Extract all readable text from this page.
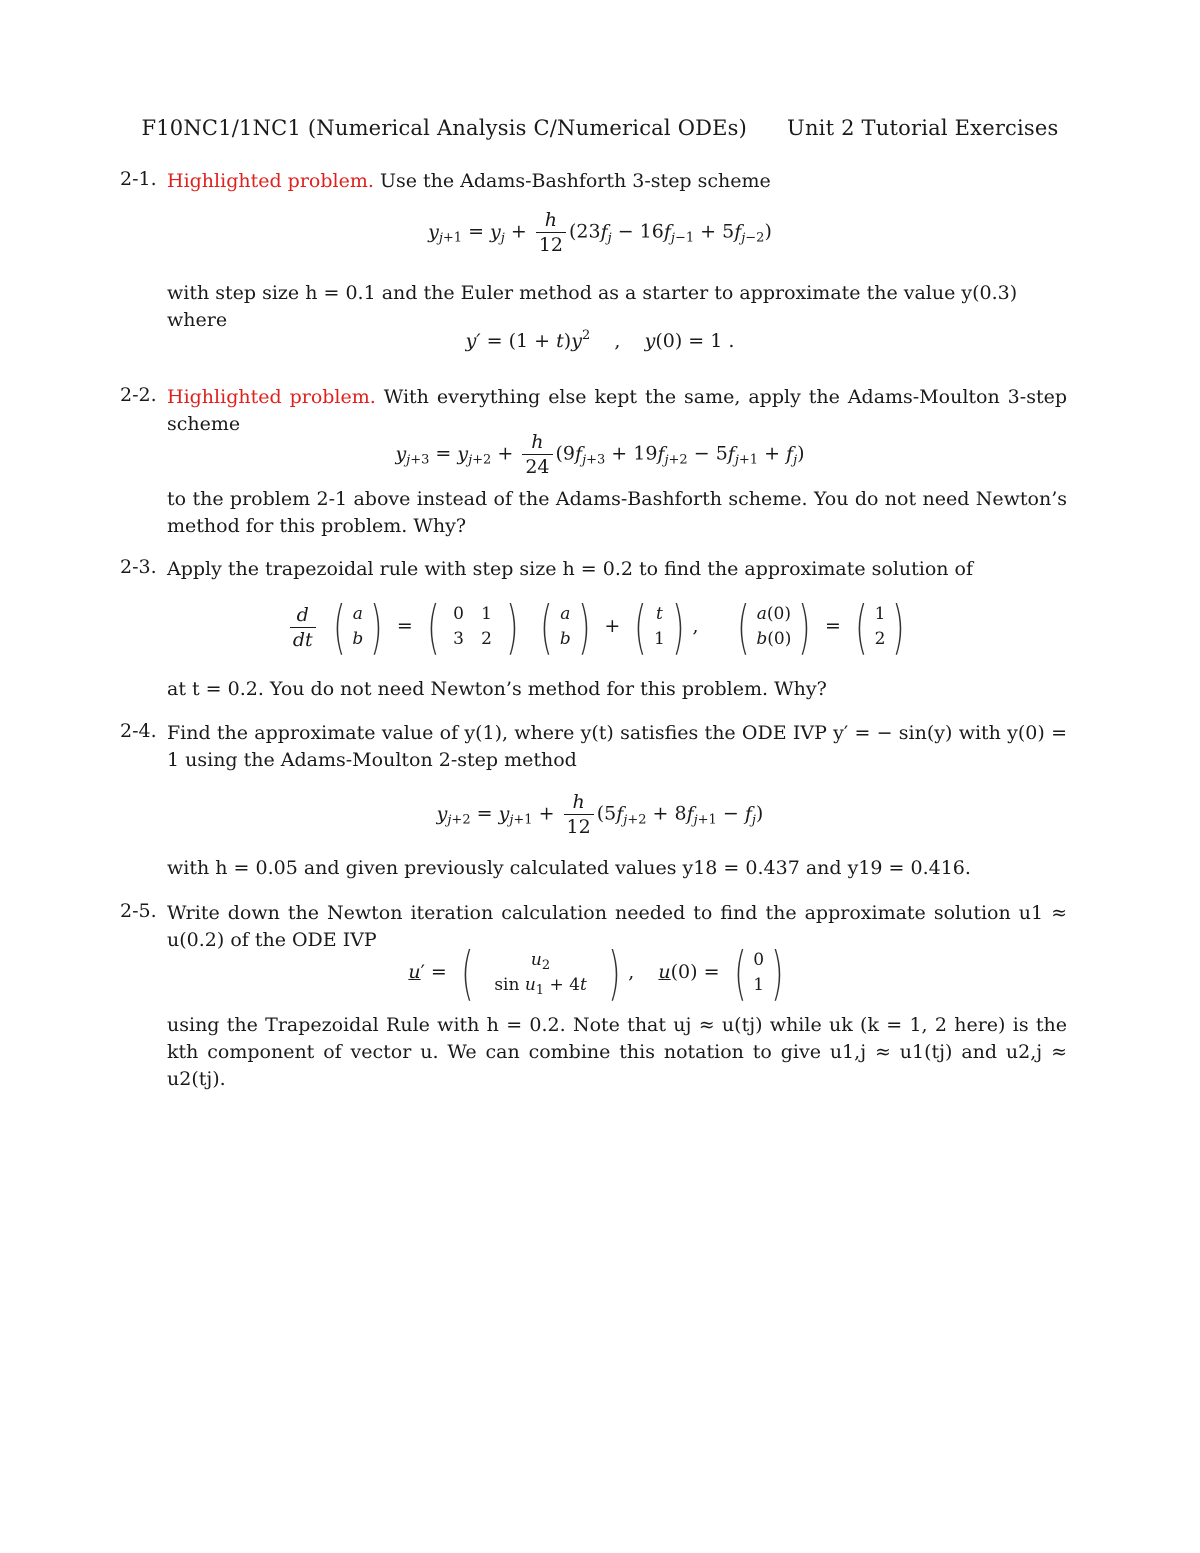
F10NC1/1NC1 (Numerical Analysis C/Numerical ODEs) Unit 2 Tutorial Exercises
2-1. Highlighted problem. Use the Adams-Bashforth 3-step scheme
$y_{j+1} = y_j + \frac{h}{12} (23f_j - 16f_{j-1} + 5f_{j-2})$
with step size h = 0.1 and the Euler method as a starter to approximate the value y(0.3) where
$y' = (1 + t)y^2$    ,    y(0) = 1 .
2-2. Highlighted problem. With everything else kept the same, apply the Adams-Moulton 3-step scheme
$y_{j+3} = y_{j+2} + \frac{h}{24} (9f_{j+3} + 19f_{j+2} - 5f_{j+1} + f_j)$
to the problem 2-1 above instead of the Adams-Bashforth scheme. You do not need Newton’s method for this problem. Why?
2-3. Apply the trapezoidal rule with step size h = 0.2 to find the approximate solution of
$\frac{d}{dt}$
( a
b ) = ( 0	1
3	2 )
( a
b ) + ( t
1 ) , ( a(0)
b(0) ) = ( 1
2 )
at t = 0.2. You do not need Newton’s method for this problem. Why?
2-4. Find the approximate value of y(1), where y(t) satisfies the ODE IVP y′ = − sin(y) with y(0) = 1 using the Adams-Moulton 2-step method
$y_{j+2} = y_{j+1} + \frac{h}{12} (5f_{j+2} + 8f_{j+1} - f_j)$
with h = 0.05 and given previously calculated values y18 = 0.437 and y19 = 0.416.
2-5. Write down the Newton iteration calculation needed to find the approximate solution u1 ≈ u(0.2) of the ODE IVP
u′ = (	$u_2$
$\sin u_1 + 4t$ ) ,    u(0) = ( 0
1 )
using the Trapezoidal Rule with h = 0.2. Note that uj ≈ u(tj) while uk (k = 1, 2 here) is the kth component of vector u. We can combine this notation to give u1,j ≈ u1(tj) and u2,j ≈ u2(tj).
